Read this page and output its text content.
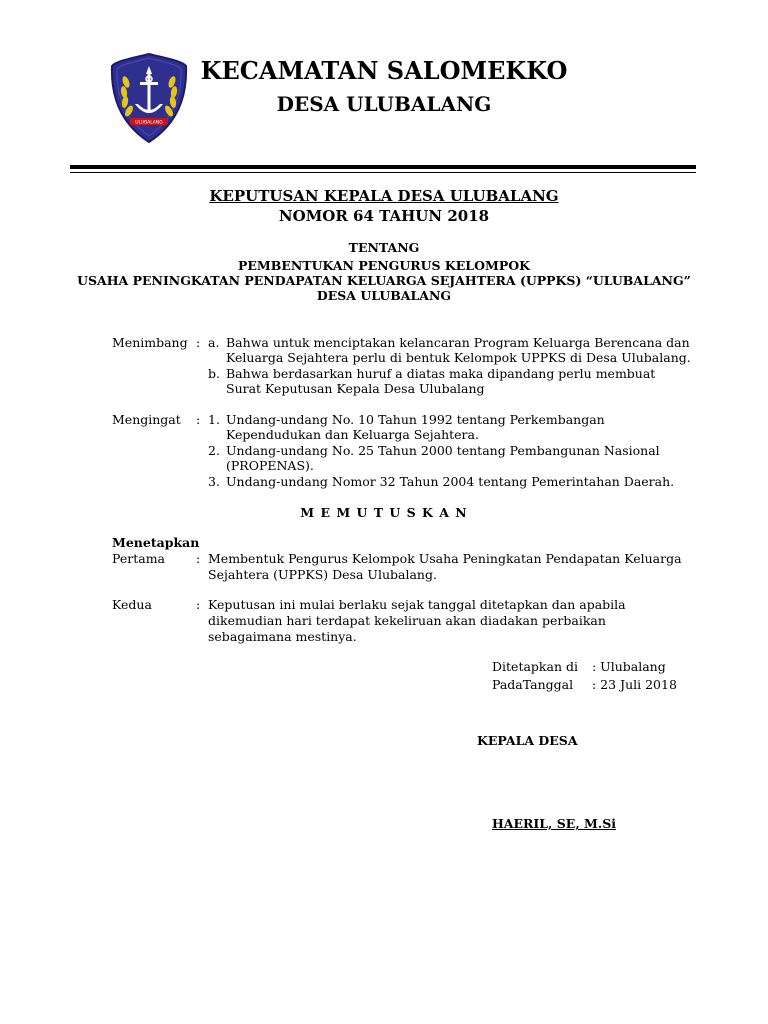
ULUBALANG
KECAMATAN SALOMEKKO
DESA ULUBALANG
KEPUTUSAN KEPALA DESA ULUBALANG
NOMOR 64 TAHUN 2018
TENTANG
PEMBENTUKAN PENGURUS KELOMPOK
USAHA PENINGKATAN PENDAPATAN KELUARGA SEJAHTERA (UPPKS) “ULUBALANG”
DESA ULUBALANG
Menimbang : a. Bahwa untuk menciptakan kelancaran Program Keluarga Berencana dan
Keluarga Sejahtera perlu di bentuk Kelompok UPPKS di Desa Ulubalang.
b. Bahwa berdasarkan huruf a diatas maka dipandang perlu membuat
Surat Keputusan Kepala Desa Ulubalang
Mengingat : 1. Undang-undang No. 10 Tahun 1992 tentang Perkembangan
Kependudukan dan Keluarga Sejahtera.
2. Undang-undang No. 25 Tahun 2000 tentang Pembangunan Nasional
(PROPENAS).
3. Undang-undang Nomor 32 Tahun 2004 tentang Pemerintahan Daerah.
M E M U T U S K A N
Menetapkan
Pertama : Membentuk Pengurus Kelompok Usaha Peningkatan Pendapatan Keluarga
Sejahtera (UPPKS) Desa Ulubalang.
Kedua	: Keputusan ini mulai berlaku sejak tanggal ditetapkan dan apabila
dikemudian hari terdapat kekeliruan akan diadakan perbaikan
sebagaimana mestinya.
Ditetapkan di : Ulubalang
PadaTanggal : 23 Juli 2018
KEPALA DESA
HAERIL, SE, M.Si
